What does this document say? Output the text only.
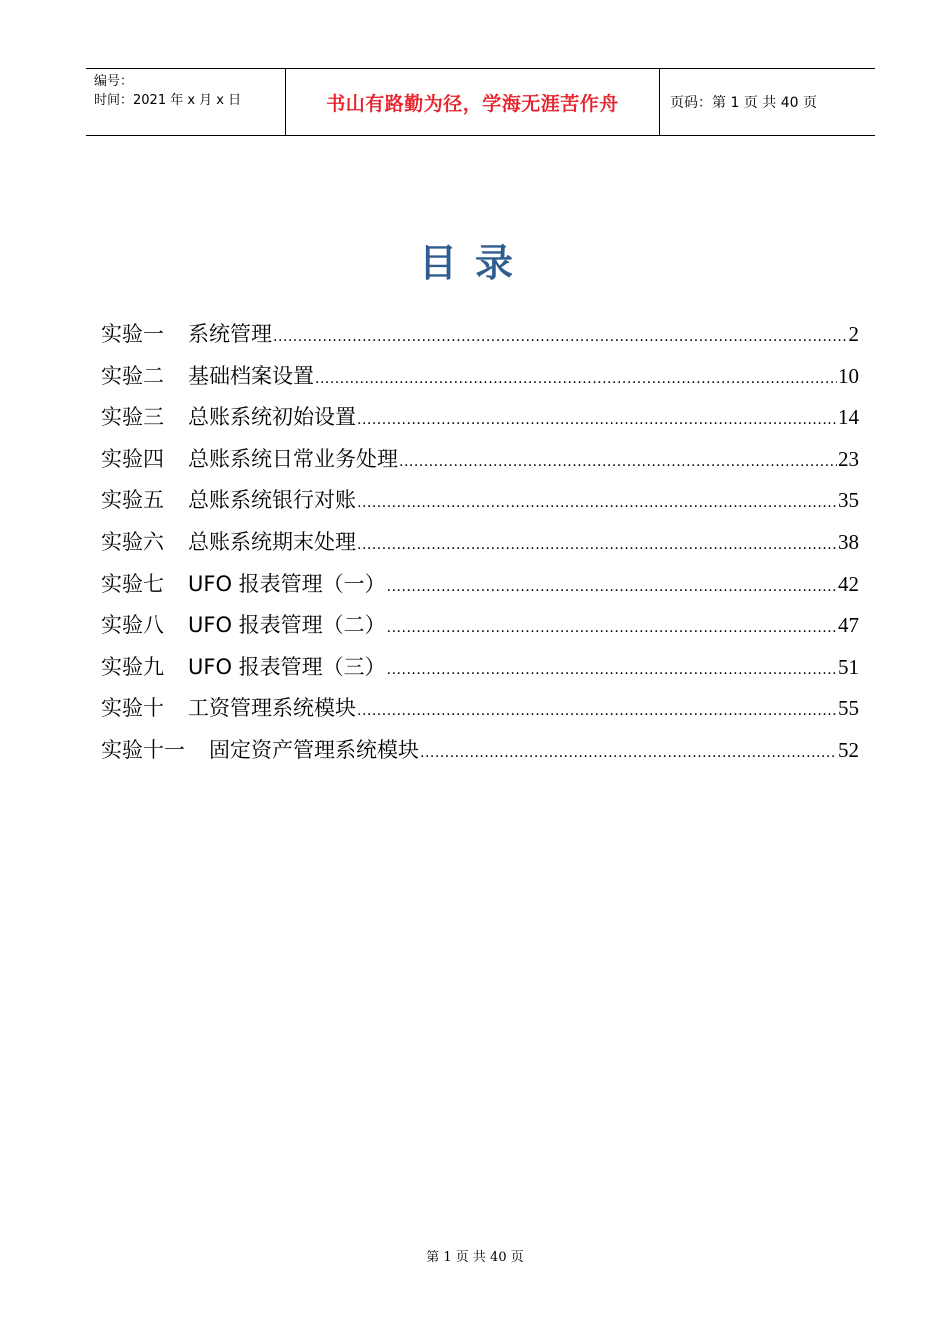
编号：
时间：2021 年 x 月 x 日	书山有路勤为径，学海无涯苦作舟	页码：第 1 页 共 40 页
目录
实验一 系统管理 .....	2
实验二 基础档案设置 .....	10
实验三 总账系统初始设置 .....	14
实验四 总账系统日常业务处理 .....	23
实验五 总账系统银行对账 .....	35
实验六 总账系统期末处理 .....	38
实验七 UFO 报表管理（一） .....	42
实验八 UFO 报表管理（二） .....	47
实验九 UFO 报表管理（三） .....	51
实验十 工资管理系统模块 .....	55
实验十一 固定资产管理系统模块 .....	52
第 1 页 共 40 页
